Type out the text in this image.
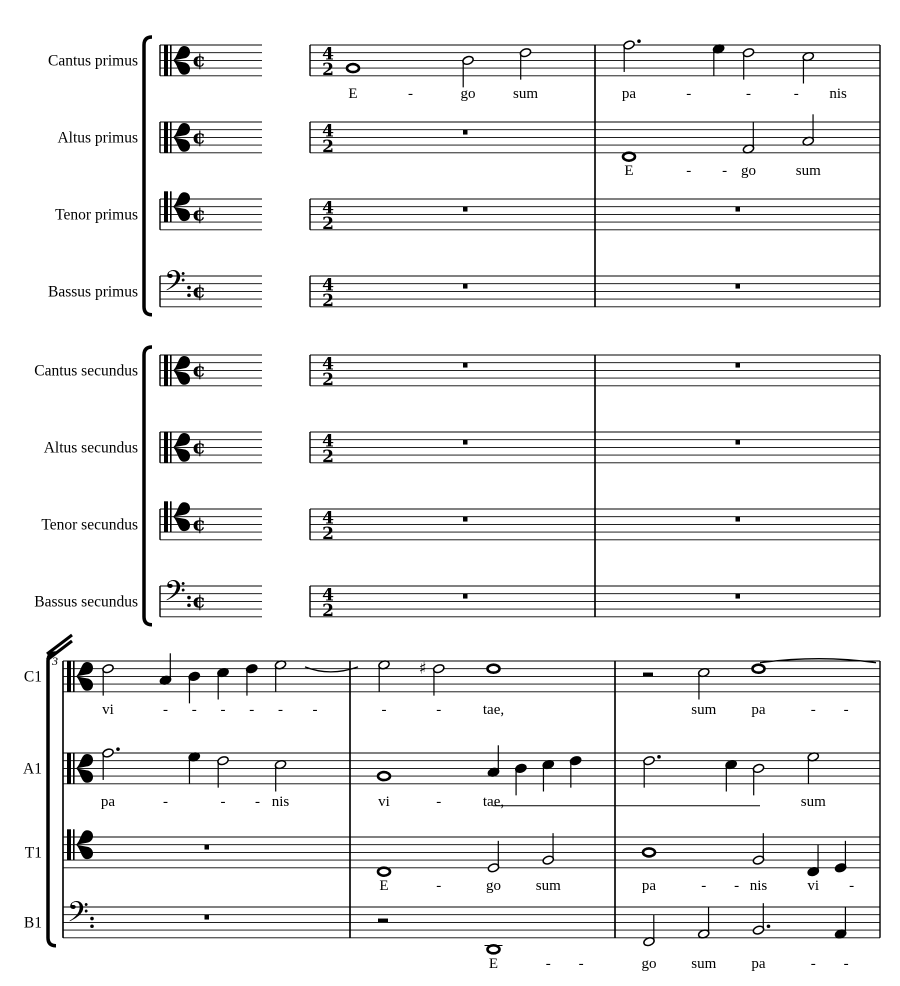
Cantus primus	¢	4
2
E	-	go sum	pa	-	-	- nis
Altus primus	¢	4
2
E	- - go	sum
Tenor primus	¢	4
2
Bassus primus 𝄢 ¢	4
2
Cantus secundus	¢	4
2
Altus secundus	¢	4
2
Tenor secundus	¢	4
2
Bassus secundus 𝄢 ¢	4
2
3
C1	♯
vi	- - - - - -	-	-	tae,	sum pa	- -
A1
pa	-	- - nis	vi	-	tae,	sum
T1
E	-	go sum	pa	- - nis	vi -
B1 𝄢
E	- -	go sum pa	- -
